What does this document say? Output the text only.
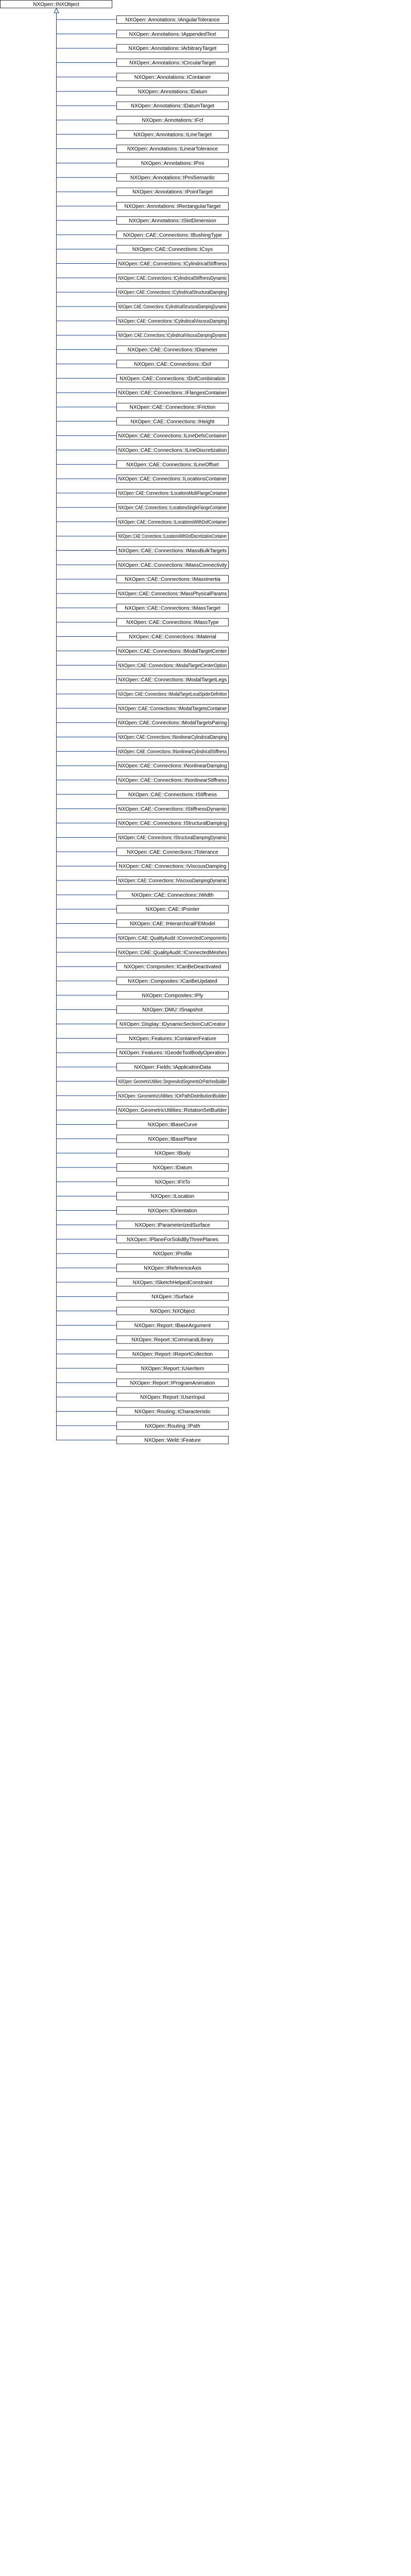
NXOpen::INXObject
NXOpen::Annotations::IAngularTolerance
NXOpen::Annotations::IAppendedText
NXOpen::Annotations::IArbitraryTarget
NXOpen::Annotations::ICircularTarget
NXOpen::Annotations::IContainer
NXOpen::Annotations::IDatum
NXOpen::Annotations::IDatumTarget
NXOpen::Annotations::IFcf
NXOpen::Annotations::ILineTarget
NXOpen::Annotations::ILinearTolerance
NXOpen::Annotations::IPmi
NXOpen::Annotations::IPmiSemantic
NXOpen::Annotations::IPointTarget
NXOpen::Annotations::IRectangularTarget
NXOpen::Annotations::ISlotDimension
NXOpen::CAE::Connections::IBushingType
NXOpen::CAE::Connections::ICsys
NXOpen::CAE::Connections::ICylindricalStiffness
NXOpen::CAE::Connections::ICylindricalStiffnessDynamic
NXOpen::CAE::Connections::ICylindricalStructuralDamping
NXOpen::CAE::Connections::ICylindricalStructuralDampingDynamic
NXOpen::CAE::Connections::ICylindricalViscousDamping
NXOpen::CAE::Connections::ICylindricalViscousDampingDynamic
NXOpen::CAE::Connections::IDiameter
NXOpen::CAE::Connections::IDof
NXOpen::CAE::Connections::IDofCombination
NXOpen::CAE::Connections::IFlangesContainer
NXOpen::CAE::Connections::IFriction
NXOpen::CAE::Connections::IHeight
NXOpen::CAE::Connections::ILineDefsContainer
NXOpen::CAE::Connections::ILineDiscretization
NXOpen::CAE::Connections::ILineOffset
NXOpen::CAE::Connections::ILocationsContainer
NXOpen::CAE::Connections::ILocationsMultiFlangeContainer
NXOpen::CAE::Connections::ILocationsSingleFlangeContainer
NXOpen::CAE::Connections::ILocationsWithDofContainer
NXOpen::CAE::Connections::ILocationsWithDofDiscretizationContainer
NXOpen::CAE::Connections::IMassBulkTargets
NXOpen::CAE::Connections::IMassConnectivity
NXOpen::CAE::Connections::IMassInertia
NXOpen::CAE::Connections::IMassPhysicalParams
NXOpen::CAE::Connections::IMassTarget
NXOpen::CAE::Connections::IMassType
NXOpen::CAE::Connections::IMaterial
NXOpen::CAE::Connections::IModalTargetCenter
NXOpen::CAE::Connections::IModalTargetCenterOption
NXOpen::CAE::Connections::IModalTargetLegs
NXOpen::CAE::Connections::IModalTargetLocalSpiderDefinition
NXOpen::CAE::Connections::IModalTargetsContainer
NXOpen::CAE::Connections::IModalTargetsPairing
NXOpen::CAE::Connections::INonlinearCylindricalDamping
NXOpen::CAE::Connections::INonlinearCylindricalStiffness
NXOpen::CAE::Connections::INonlinearDamping
NXOpen::CAE::Connections::INonlinearStiffness
NXOpen::CAE::Connections::IStiffness
NXOpen::CAE::Connections::IStiffnessDynamic
NXOpen::CAE::Connections::IStructuralDamping
NXOpen::CAE::Connections::IStructuralDampingDynamic
NXOpen::CAE::Connections::ITolerance
NXOpen::CAE::Connections::IViscousDamping
NXOpen::CAE::Connections::IViscousDampingDynamic
NXOpen::CAE::Connections::IWidth
NXOpen::CAE::IPointer
NXOpen::CAE::IHierarchicalFEModel
NXOpen::CAE::QualityAudit::IConnectedComponents
NXOpen::CAE::QualityAudit::IConnectedMeshes
NXOpen::Composites::ICanBeDeactivated
NXOpen::Composites::ICanBeUpdated
NXOpen::Composites::IPly
NXOpen::DMU::ISnapshot
NXOpen::Display::IDynamicSectionCutCreator
NXOpen::Features::IContainerFeature
NXOpen::Features::IGeodeToolBodyOperation
NXOpen::Fields::IApplicationData
NXOpen::GeometricUtilities::DegreesAndSegmentsOrPatchesBuilder
NXOpen::GeometricUtilities::IOrPathDistributionBuilder
NXOpen::GeometricUtilities::RotationSetBuilder
NXOpen::IBaseCurve
NXOpen::IBasePlane
NXOpen::IBody
NXOpen::IDatum
NXOpen::IFitTo
NXOpen::ILocation
NXOpen::IOrientation
NXOpen::IParameterizedSurface
NXOpen::IPlaneForSolidByThreePlanes
NXOpen::IProfile
NXOpen::IReferenceAxis
NXOpen::ISketchHelpedConstraint
NXOpen::ISurface
NXOpen::NXObject
NXOpen::Report::IBaseArgument
NXOpen::Report::ICommandLibrary
NXOpen::Report::IReportCollection
NXOpen::Report::IUserItem
NXOpen::Report::IProgramAnimation
NXOpen::Report::IUserInput
NXOpen::Routing::ICharacteristic
NXOpen::Routing::IPath
NXOpen::Weld::IFeature
